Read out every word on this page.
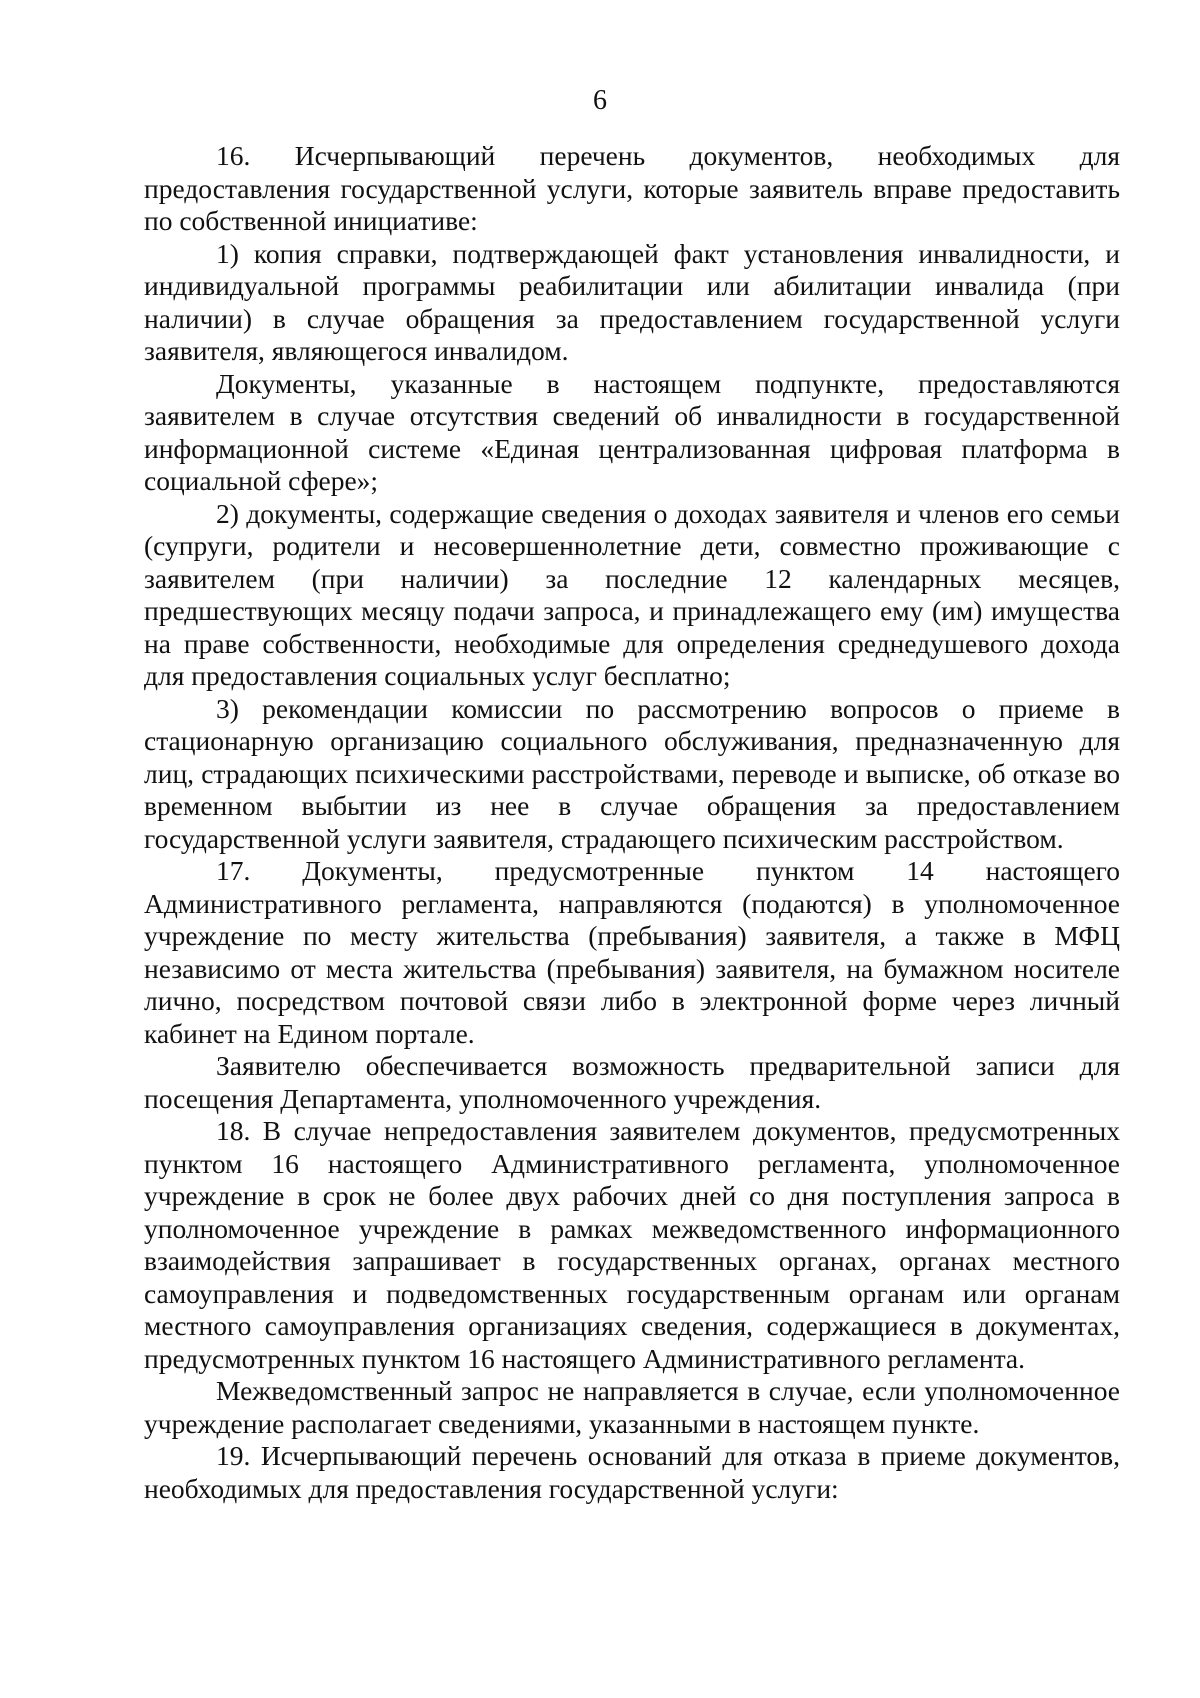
6

16. Исчерпывающий перечень документов, необходимых для предоставления государственной услуги, которые заявитель вправе предоставить по собственной инициативе:

1) копия справки, подтверждающей факт установления инвалидности, и индивидуальной программы реабилитации или абилитации инвалида (при наличии) в случае обращения за предоставлением государственной услуги заявителя, являющегося инвалидом.

Документы, указанные в настоящем подпункте, предоставляются заявителем в случае отсутствия сведений об инвалидности в государственной информационной системе «Единая централизованная цифровая платформа в социальной сфере»;

2) документы, содержащие сведения о доходах заявителя и членов его семьи (супруги, родители и несовершеннолетние дети, совместно проживающие с заявителем (при наличии) за последние 12 календарных месяцев, предшествующих месяцу подачи запроса, и принадлежащего ему (им) имущества на праве собственности, необходимые для определения среднедушевого дохода для предоставления социальных услуг бесплатно;

3) рекомендации комиссии по рассмотрению вопросов о приеме в стационарную организацию социального обслуживания, предназначенную для лиц, страдающих психическими расстройствами, переводе и выписке, об отказе во временном выбытии из нее в случае обращения за предоставлением государственной услуги заявителя, страдающего психическим расстройством.

17. Документы, предусмотренные пунктом 14 настоящего Административного регламента, направляются (подаются) в уполномоченное учреждение по месту жительства (пребывания) заявителя, а также в МФЦ независимо от места жительства (пребывания) заявителя, на бумажном носителе лично, посредством почтовой связи либо в электронной форме через личный кабинет на Едином портале.

Заявителю обеспечивается возможность предварительной записи для посещения Департамента, уполномоченного учреждения.

18. В случае непредоставления заявителем документов, предусмотренных пунктом 16 настоящего Административного регламента, уполномоченное учреждение в срок не более двух рабочих дней со дня поступления запроса в уполномоченное учреждение в рамках межведомственного информационного взаимодействия запрашивает в государственных органах, органах местного самоуправления и подведомственных государственным органам или органам местного самоуправления организациях сведения, содержащиеся в документах, предусмотренных пунктом 16 настоящего Административного регламента.

Межведомственный запрос не направляется в случае, если уполномоченное учреждение располагает сведениями, указанными в настоящем пункте.

19. Исчерпывающий перечень оснований для отказа в приеме документов, необходимых для предоставления государственной услуги:
